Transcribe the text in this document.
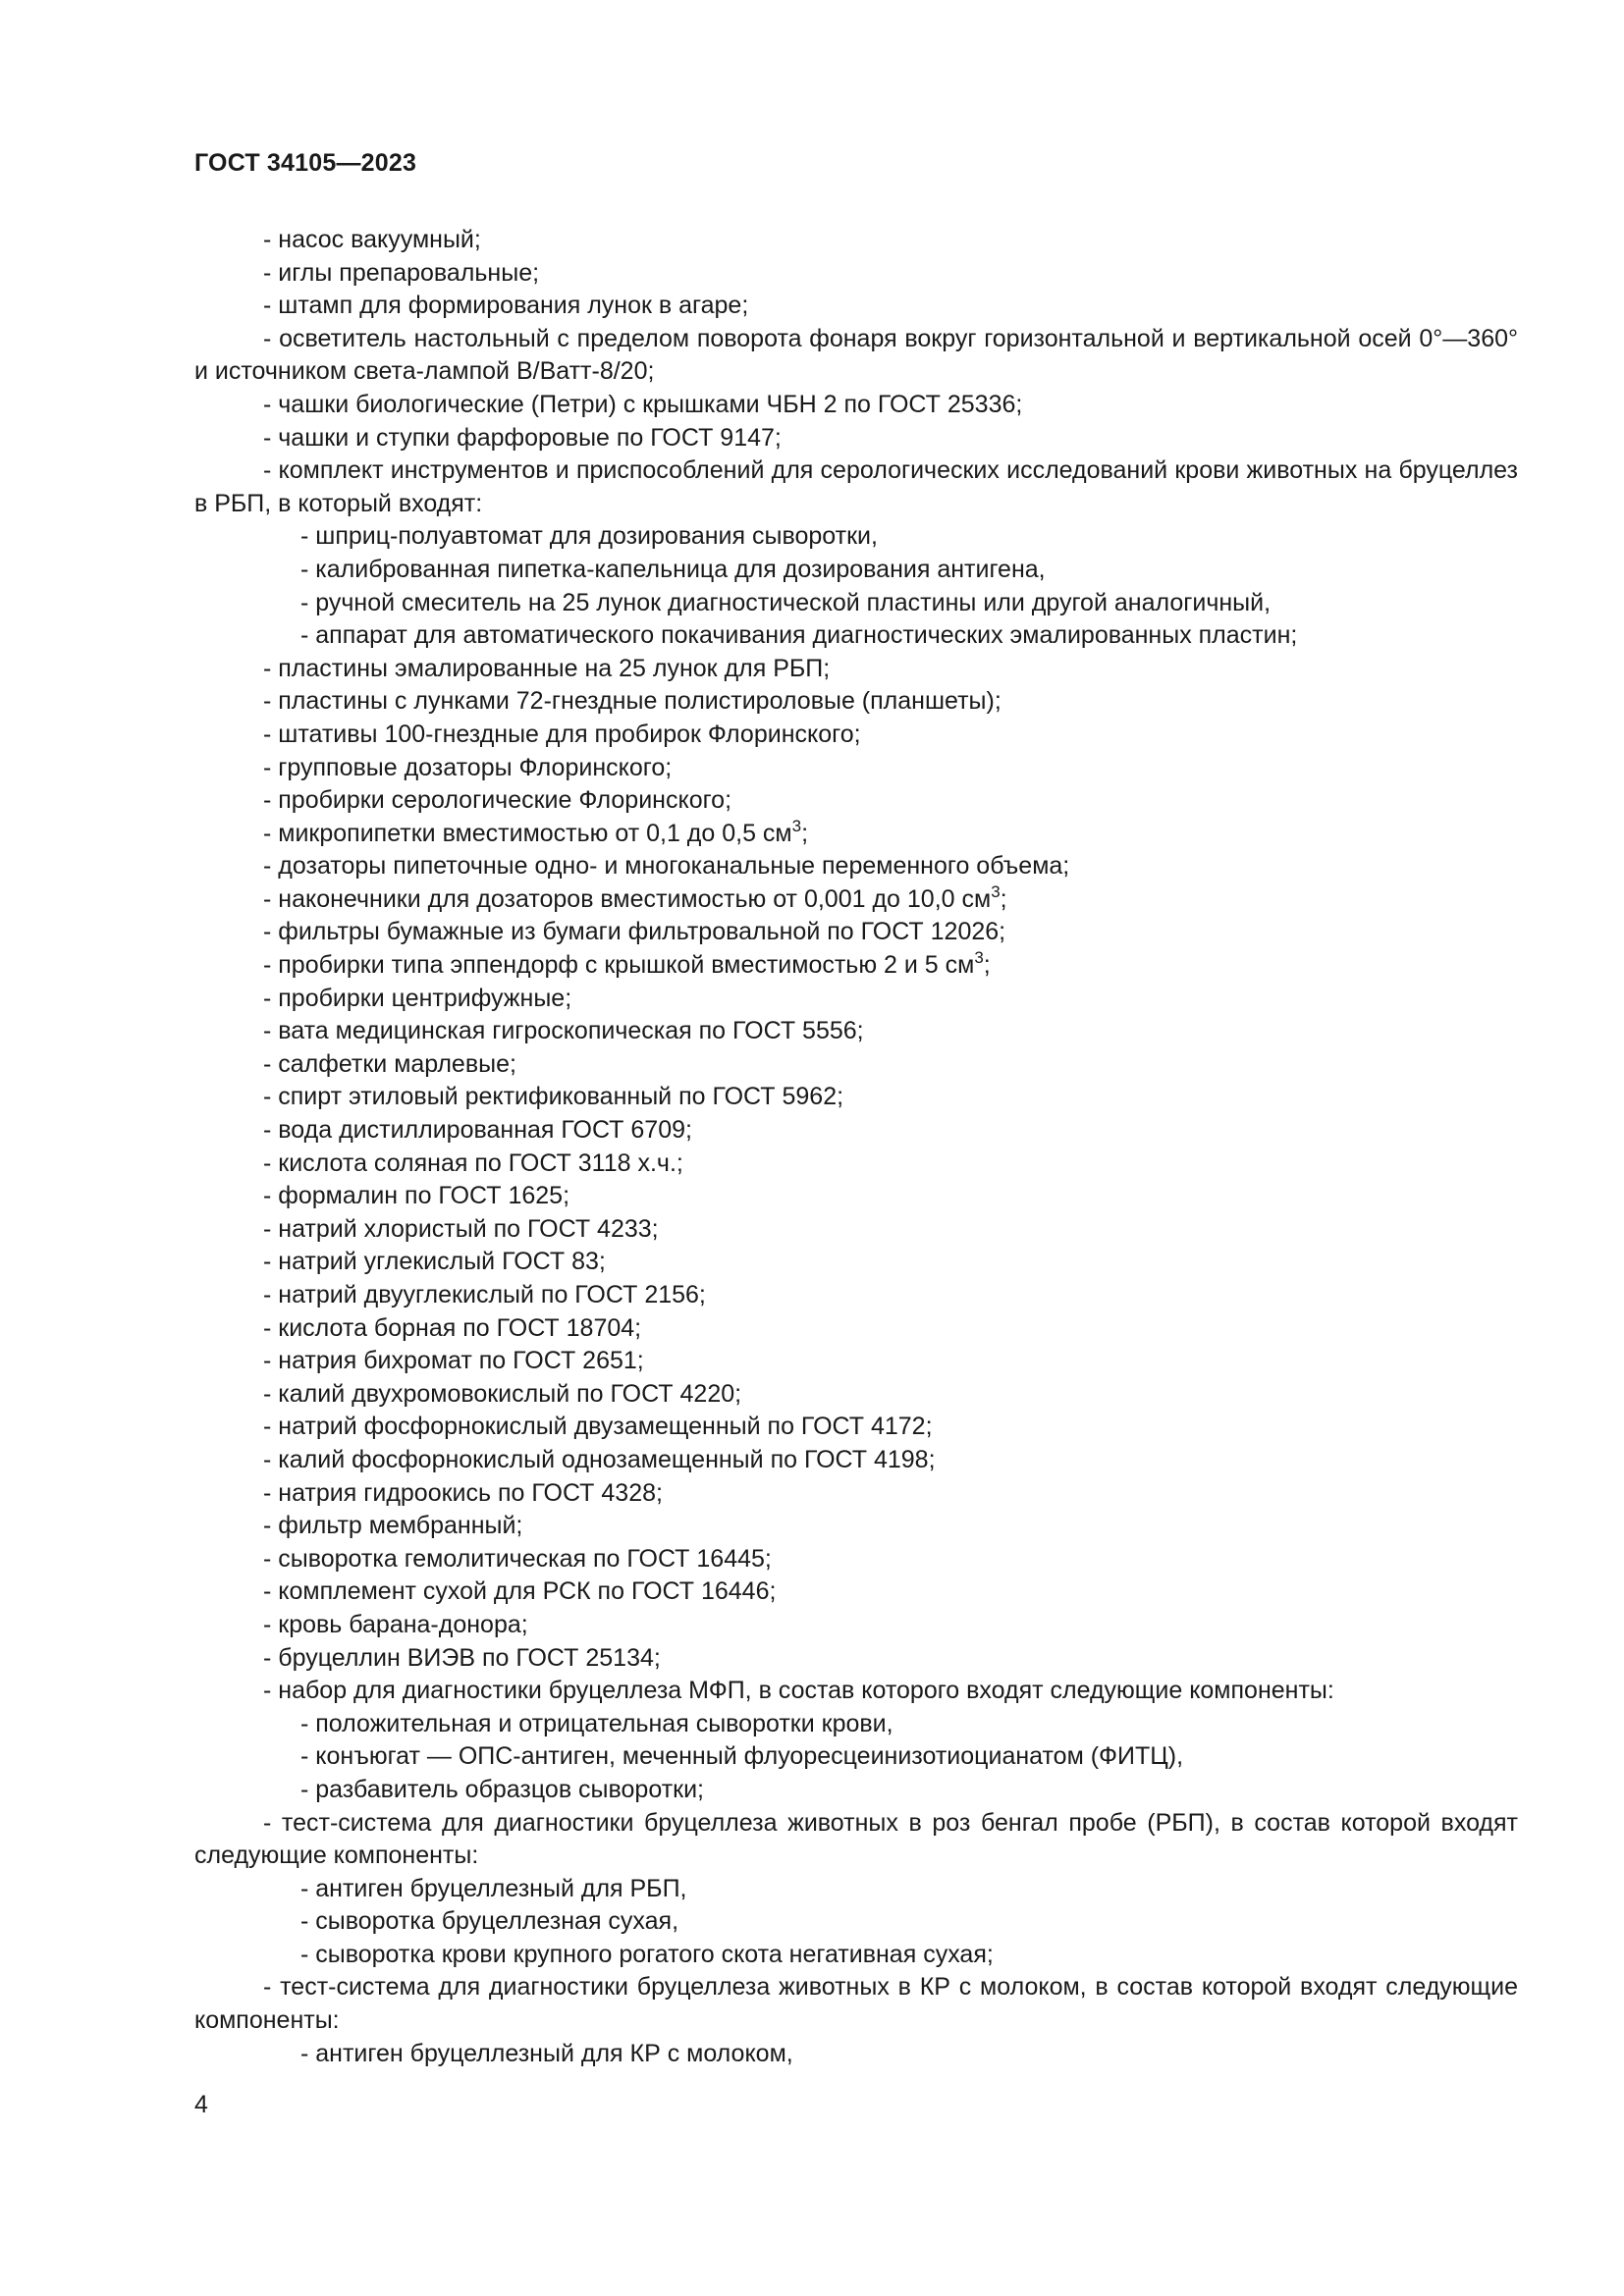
ГОСТ 34105—2023

- насос вакуумный;

- иглы препаровальные;

- штамп для формирования лунок в агаре;

- осветитель настольный с пределом поворота фонаря вокруг горизонтальной и вертикальной осей 0°—360° и источником света-лампой В/Ватт-8/20;

- чашки биологические (Петри) с крышками ЧБН 2 по ГОСТ 25336;

- чашки и ступки фарфоровые по ГОСТ 9147;

- комплект инструментов и приспособлений для серологических исследований крови животных на бруцеллез в РБП, в который входят:

- шприц-полуавтомат для дозирования сыворотки,

- калиброванная пипетка-капельница для дозирования антигена,

- ручной смеситель на 25 лунок диагностической пластины или другой аналогичный,

- аппарат для автоматического покачивания диагностических эмалированных пластин;

- пластины эмалированные на 25 лунок для РБП;

- пластины с лунками 72-гнездные полистироловые (планшеты);

- штативы 100-гнездные для пробирок Флоринского;

- групповые дозаторы Флоринского;

- пробирки серологические Флоринского;

- микропипетки вместимостью от 0,1 до 0,5 $см^3$;

- дозаторы пипеточные одно- и многоканальные переменного объема;

- наконечники для дозаторов вместимостью от 0,001 до 10,0 $см^3$;

- фильтры бумажные из бумаги фильтровальной по ГОСТ 12026;

- пробирки типа эппендорф с крышкой вместимостью 2 и 5 $см^3$;

- пробирки центрифужные;

- вата медицинская гигроскопическая по ГОСТ 5556;

- салфетки марлевые;

- спирт этиловый ректификованный по ГОСТ 5962;

- вода дистиллированная ГОСТ 6709;

- кислота соляная по ГОСТ 3118 х.ч.;

- формалин по ГОСТ 1625;

- натрий хлористый по ГОСТ 4233;

- натрий углекислый ГОСТ 83;

- натрий двууглекислый по ГОСТ 2156;

- кислота борная по ГОСТ 18704;

- натрия бихромат по ГОСТ 2651;

- калий двухромовокислый по ГОСТ 4220;

- натрий фосфорнокислый двузамещенный по ГОСТ 4172;

- калий фосфорнокислый однозамещенный по ГОСТ 4198;

- натрия гидроокись по ГОСТ 4328;

- фильтр мембранный;

- сыворотка гемолитическая по ГОСТ 16445;

- комплемент сухой для РСК по ГОСТ 16446;

- кровь барана-донора;

- бруцеллин ВИЭВ по ГОСТ 25134;

- набор для диагностики бруцеллеза МФП, в состав которого входят следующие компоненты:

- положительная и отрицательная сыворотки крови,

- конъюгат — ОПС-антиген, меченный флуоресцеинизотиоцианатом (ФИТЦ),

- разбавитель образцов сыворотки;

- тест-система для диагностики бруцеллеза животных в роз бенгал пробе (РБП), в состав которой входят следующие компоненты:

- антиген бруцеллезный для РБП,

- сыворотка бруцеллезная сухая,

- сыворотка крови крупного рогатого скота негативная сухая;

- тест-система для диагностики бруцеллеза животных в КР с молоком, в состав которой входят следующие компоненты:

- антиген бруцеллезный для КР с молоком,

4
